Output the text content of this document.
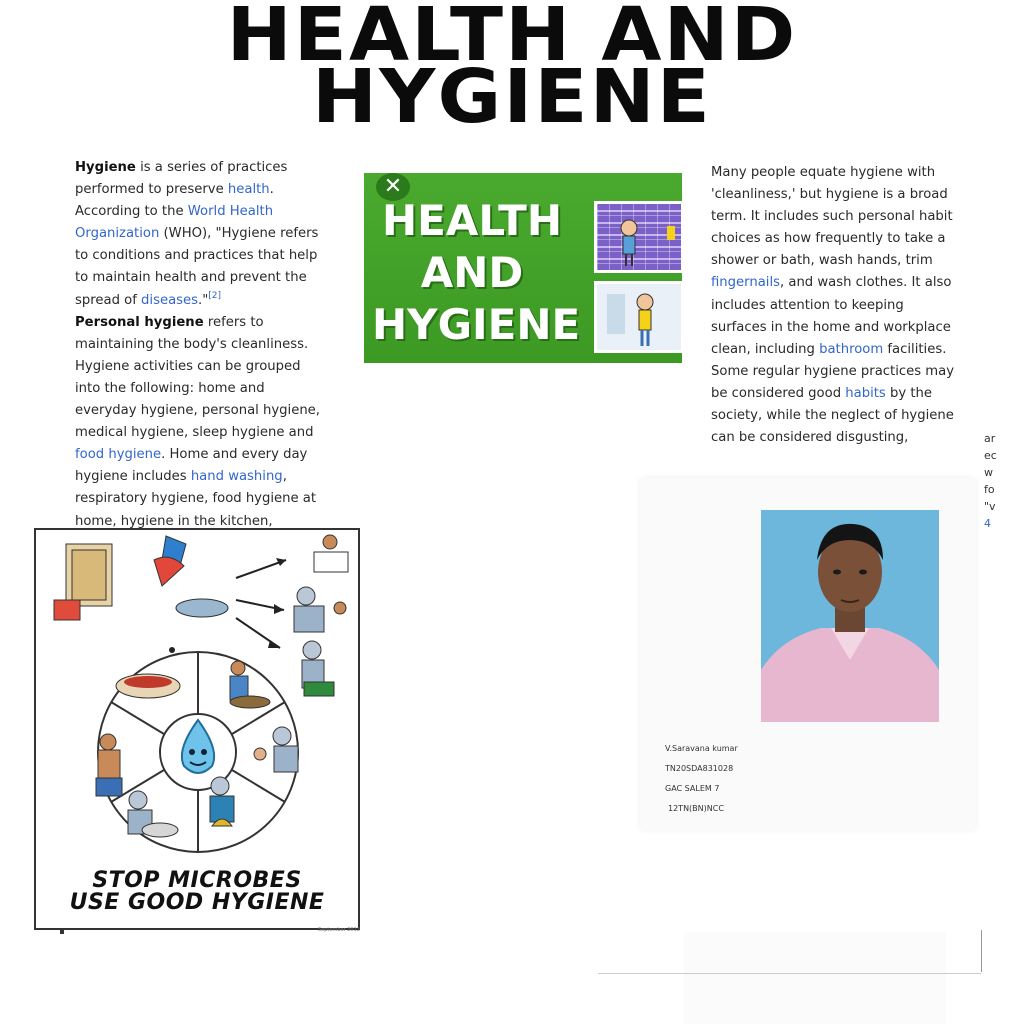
HEALTH AND
HYGIENE
Hygiene is a series of practices performed to preserve health. According to the World Health Organization (WHO), "Hygiene refers to conditions and practices that help to maintain health and prevent the spread of diseases."[2]
Personal hygiene refers to maintaining the body's cleanliness. Hygiene activities can be grouped into the following: home and everyday hygiene, personal hygiene, medical hygiene, sleep hygiene and food hygiene. Home and every day hygiene includes hand washing, respiratory hygiene, food hygiene at home, hygiene in the kitchen,
Many people equate hygiene with 'cleanliness,' but hygiene is a broad term. It includes such personal habit choices as how frequently to take a shower or bath, wash hands, trim fingernails, and wash clothes. It also includes attention to keeping surfaces in the home and workplace clean, including bathroom facilities. Some regular hygiene practices may be considered good habits by the society, while the neglect of hygiene can be considered disgusting,	ar
ec
w
fo
"v
4
✕
HEALTH
AND
HYGIENE
STOP MICROBES
USE GOOD HYGIENE
September 2012
V.Saravana kumar
TN20SDA831028
GAC SALEM 7
12TN(BN)NCC
